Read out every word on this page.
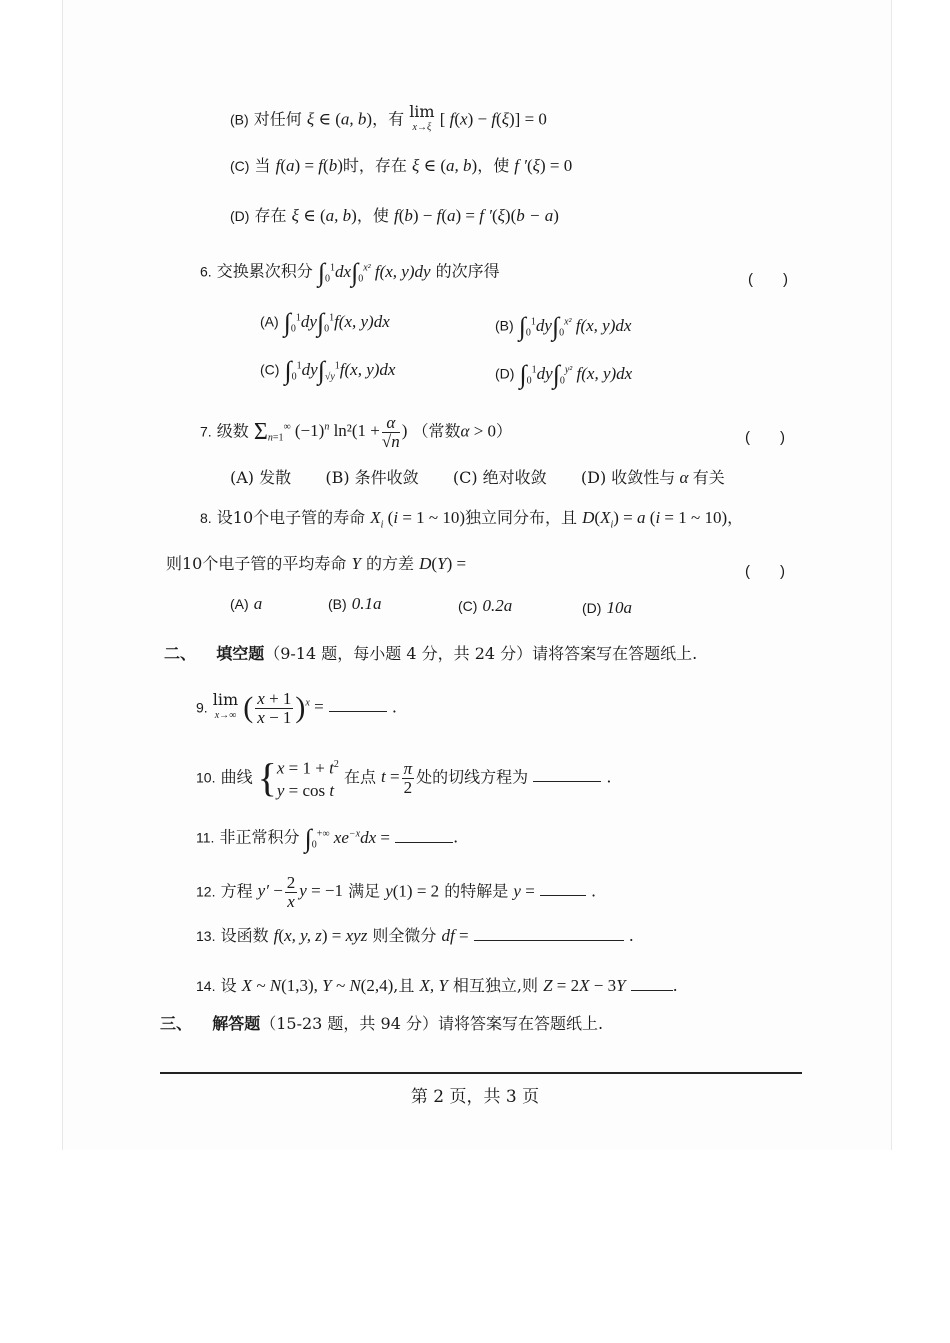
(B) 对任何 ξ ∈ (a, b)，有 lim
x→ξ [ f(x) − f(ξ)] = 0
(C) 当 f(a) = f(b)时，存在 ξ ∈ (a, b)，使 f ′(ξ) = 0
(D) 存在 ξ ∈ (a, b)，使 f(b) − f(a) = f ′(ξ)(b − a)
6. 交换累次积分 $\int_0^1dx\int_0^{x^2}$ f(x, y)dy 的次序得	(　　)
(A) $\int_0^1dy\int_0^1f(x$, y)dx	(B) $\int_0^1dy\int_0^{x^2}$ f(x, y)dx
(C) $\int_0^1dy\int_{√y}^1f(x$, y)dx	(D) $\int_0^1dy\int_0^{y^2}$ f(x, y)dx
7. 级数 $\Sigma_{n=1}^\infty$ $(-1)^n$ $\ln^2(1 + \frac{\alpha}{√n}$ ) （常数α > 0）	(　　)
(A) 发散 (B) 条件收敛 (C) 绝对收敛 (D) 收敛性与 α 有关
8. 设10个电子管的寿命 $X_i$ (i = 1 ~ 10)独立同分布，且 $D(X_i) = a$ (i = 1 ~ 10)，
则10个电子管的平均寿命 Y 的方差 D(Y) =	(　　)
(A) a	(B) 0.1a	(C) 0.2a	(D) 10a
二、 填空题（9-14 题，每小题 4 分，共 24 分）请将答案写在答题纸上.
9. lim
x→∞ ( $\frac{x + 1}{x - 1} )^x$ =	.
10. 曲线 { $x = 1 + t^2$
y = cos t
在点 $t = \frac{\pi}{2}$ 处的切线方程为	.
11. 非正常积分 $\int_0^{+\infty}$ $xe^{-x}dx$ =	.
12. 方程 $y' - \frac{2}{x}$ y = −1 满足 y(1) = 2 的特解是 y =	.
13. 设函数 f(x, y, z) = xyz 则全微分 df =	.
14. 设 X ~ N(1,3), Y ~ N(2,4),且 X, Y 相互独立,则 Z = 2X − 3Y	.
三、 解答题（15-23 题，共 94 分）请将答案写在答题纸上.
第 2 页，共 3 页
